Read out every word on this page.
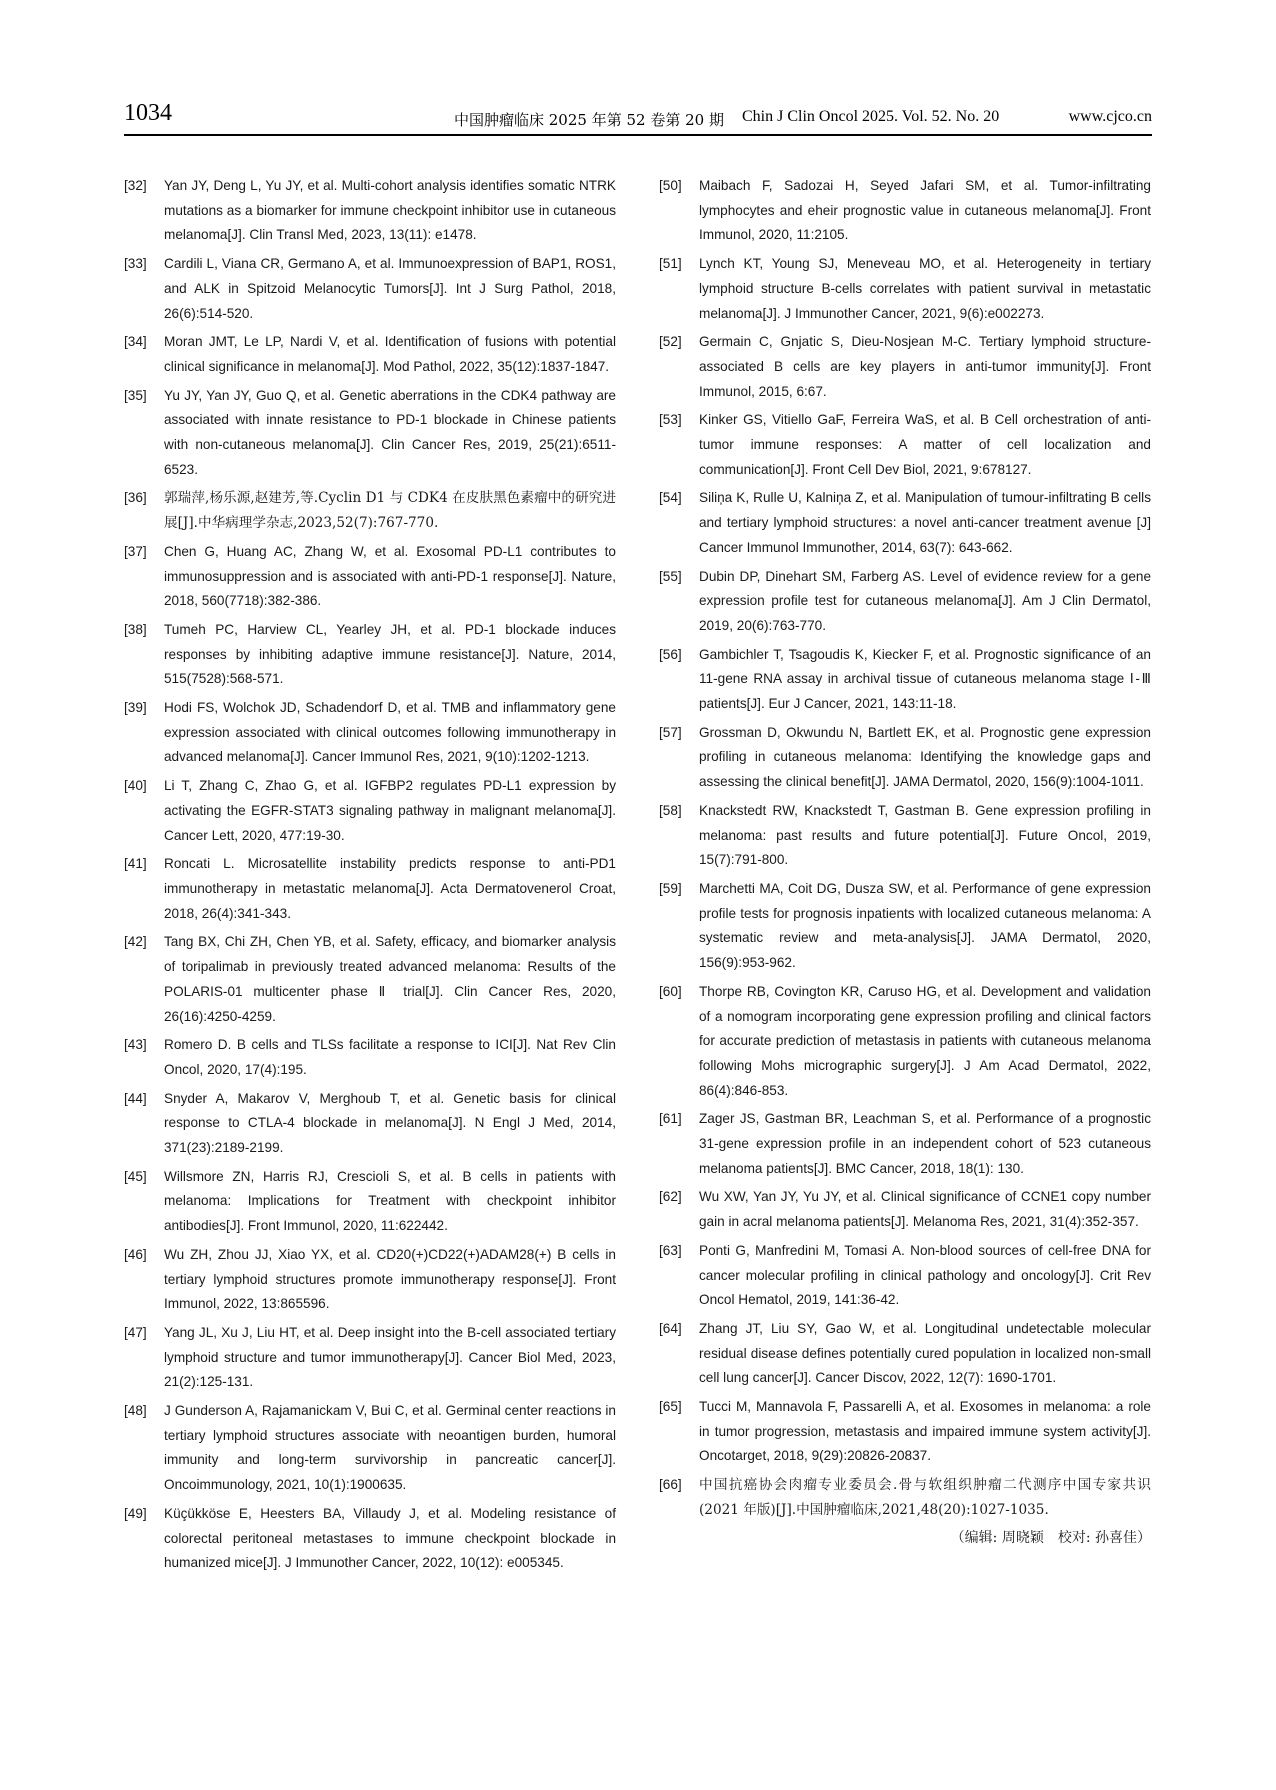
1034	中国肿瘤临床 2025 年第 52 卷第 20 期 Chin J Clin Oncol 2025. Vol. 52. No. 20	www.cjco.cn
[32] Yan JY, Deng L, Yu JY, et al. Multi-cohort analysis identifies somatic NTRK mutations as a biomarker for immune checkpoint inhibitor use in cutaneous melanoma[J]. Clin Transl Med, 2023, 13(11): e1478.
[33] Cardili L, Viana CR, Germano A, et al. Immunoexpression of BAP1, ROS1, and ALK in Spitzoid Melanocytic Tumors[J]. Int J Surg Pathol, 2018, 26(6):514-520.
[34] Moran JMT, Le LP, Nardi V, et al. Identification of fusions with potential clinical significance in melanoma[J]. Mod Pathol, 2022, 35(12):1837-1847.
[35] Yu JY, Yan JY, Guo Q, et al. Genetic aberrations in the CDK4 pathway are associated with innate resistance to PD-1 blockade in Chinese patients with non-cutaneous melanoma[J]. Clin Cancer Res, 2019, 25(21):6511-6523.
[36] 郭瑞萍,杨乐源,赵建芳,等.Cyclin D1 与 CDK4 在皮肤黑色素瘤中的研究进展[J].中华病理学杂志,2023,52(7):767-770.
[37] Chen G, Huang AC, Zhang W, et al. Exosomal PD-L1 contributes to immunosuppression and is associated with anti-PD-1 response[J]. Nature, 2018, 560(7718):382-386.
[38] Tumeh PC, Harview CL, Yearley JH, et al. PD-1 blockade induces responses by inhibiting adaptive immune resistance[J]. Nature, 2014, 515(7528):568-571.
[39] Hodi FS, Wolchok JD, Schadendorf D, et al. TMB and inflammatory gene expression associated with clinical outcomes following immunotherapy in advanced melanoma[J]. Cancer Immunol Res, 2021, 9(10):1202-1213.
[40] Li T, Zhang C, Zhao G, et al. IGFBP2 regulates PD-L1 expression by activating the EGFR-STAT3 signaling pathway in malignant melanoma[J]. Cancer Lett, 2020, 477:19-30.
[41] Roncati L. Microsatellite instability predicts response to anti-PD1 immunotherapy in metastatic melanoma[J]. Acta Dermatovenerol Croat, 2018, 26(4):341-343.
[42] Tang BX, Chi ZH, Chen YB, et al. Safety, efficacy, and biomarker analysis of toripalimab in previously treated advanced melanoma: Results of the POLARIS-01 multicenter phase Ⅱ trial[J]. Clin Cancer Res, 2020, 26(16):4250-4259.
[43] Romero D. B cells and TLSs facilitate a response to ICI[J]. Nat Rev Clin Oncol, 2020, 17(4):195.
[44] Snyder A, Makarov V, Merghoub T, et al. Genetic basis for clinical response to CTLA-4 blockade in melanoma[J]. N Engl J Med, 2014, 371(23):2189-2199.
[45] Willsmore ZN, Harris RJ, Crescioli S, et al. B cells in patients with melanoma: Implications for Treatment with checkpoint inhibitor antibodies[J]. Front Immunol, 2020, 11:622442.
[46] Wu ZH, Zhou JJ, Xiao YX, et al. CD20(+)CD22(+)ADAM28(+) B cells in tertiary lymphoid structures promote immunotherapy response[J]. Front Immunol, 2022, 13:865596.
[47] Yang JL, Xu J, Liu HT, et al. Deep insight into the B-cell associated tertiary lymphoid structure and tumor immunotherapy[J]. Cancer Biol Med, 2023, 21(2):125-131.
[48] J Gunderson A, Rajamanickam V, Bui C, et al. Germinal center reactions in tertiary lymphoid structures associate with neoantigen burden, humoral immunity and long-term survivorship in pancreatic cancer[J]. Oncoimmunology, 2021, 10(1):1900635.
[49] Küçükköse E, Heesters BA, Villaudy J, et al. Modeling resistance of colorectal peritoneal metastases to immune checkpoint blockade in humanized mice[J]. J Immunother Cancer, 2022, 10(12): e005345.
[50] Maibach F, Sadozai H, Seyed Jafari SM, et al. Tumor-infiltrating lymphocytes and eheir prognostic value in cutaneous melanoma[J]. Front Immunol, 2020, 11:2105.
[51] Lynch KT, Young SJ, Meneveau MO, et al. Heterogeneity in tertiary lymphoid structure B-cells correlates with patient survival in metastatic melanoma[J]. J Immunother Cancer, 2021, 9(6):e002273.
[52] Germain C, Gnjatic S, Dieu-Nosjean M-C. Tertiary lymphoid structure-associated B cells are key players in anti-tumor immunity[J]. Front Immunol, 2015, 6:67.
[53] Kinker GS, Vitiello GaF, Ferreira WaS, et al. B Cell orchestration of anti-tumor immune responses: A matter of cell localization and communication[J]. Front Cell Dev Biol, 2021, 9:678127.
[54] Siliņa K, Rulle U, Kalniņa Z, et al. Manipulation of tumour-infiltrating B cells and tertiary lymphoid structures: a novel anti-cancer treatment avenue [J] Cancer Immunol Immunother, 2014, 63(7): 643-662.
[55] Dubin DP, Dinehart SM, Farberg AS. Level of evidence review for a gene expression profile test for cutaneous melanoma[J]. Am J Clin Dermatol, 2019, 20(6):763-770.
[56] Gambichler T, Tsagoudis K, Kiecker F, et al. Prognostic significance of an 11-gene RNA assay in archival tissue of cutaneous melanoma stage Ⅰ-Ⅲ patients[J]. Eur J Cancer, 2021, 143:11-18.
[57] Grossman D, Okwundu N, Bartlett EK, et al. Prognostic gene expression profiling in cutaneous melanoma: Identifying the knowledge gaps and assessing the clinical benefit[J]. JAMA Dermatol, 2020, 156(9):1004-1011.
[58] Knackstedt RW, Knackstedt T, Gastman B. Gene expression profiling in melanoma: past results and future potential[J]. Future Oncol, 2019, 15(7):791-800.
[59] Marchetti MA, Coit DG, Dusza SW, et al. Performance of gene expression profile tests for prognosis inpatients with localized cutaneous melanoma: A systematic review and meta-analysis[J]. JAMA Dermatol, 2020, 156(9):953-962.
[60] Thorpe RB, Covington KR, Caruso HG, et al. Development and validation of a nomogram incorporating gene expression profiling and clinical factors for accurate prediction of metastasis in patients with cutaneous melanoma following Mohs micrographic surgery[J]. J Am Acad Dermatol, 2022, 86(4):846-853.
[61] Zager JS, Gastman BR, Leachman S, et al. Performance of a prognostic 31-gene expression profile in an independent cohort of 523 cutaneous melanoma patients[J]. BMC Cancer, 2018, 18(1): 130.
[62] Wu XW, Yan JY, Yu JY, et al. Clinical significance of CCNE1 copy number gain in acral melanoma patients[J]. Melanoma Res, 2021, 31(4):352-357.
[63] Ponti G, Manfredini M, Tomasi A. Non-blood sources of cell-free DNA for cancer molecular profiling in clinical pathology and oncology[J]. Crit Rev Oncol Hematol, 2019, 141:36-42.
[64] Zhang JT, Liu SY, Gao W, et al. Longitudinal undetectable molecular residual disease defines potentially cured population in localized non-small cell lung cancer[J]. Cancer Discov, 2022, 12(7): 1690-1701.
[65] Tucci M, Mannavola F, Passarelli A, et al. Exosomes in melanoma: a role in tumor progression, metastasis and impaired immune system activity[J]. Oncotarget, 2018, 9(29):20826-20837.
[66] 中国抗癌协会肉瘤专业委员会.骨与软组织肿瘤二代测序中国专家共识 (2021 年版)[J].中国肿瘤临床,2021,48(20):1027-1035.
（编辑: 周晓颖　校对: 孙喜佳）
